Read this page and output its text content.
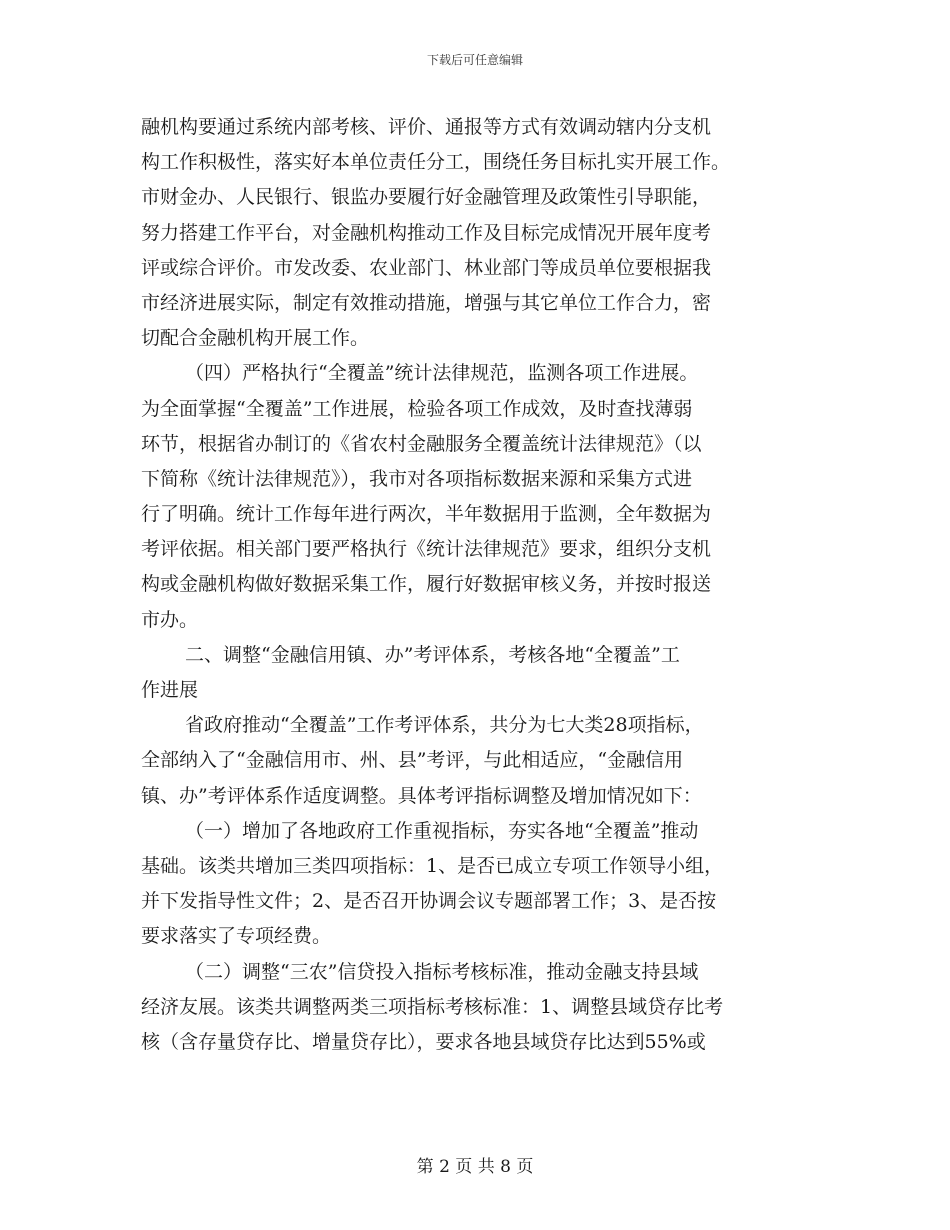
下载后可任意编辑
融机构要通过系统内部考核、评价、通报等方式有效调动辖内分支机
构工作积极性，落实好本单位责任分工，围绕任务目标扎实开展工作。
市财金办、人民银行、银监办要履行好金融管理及政策性引导职能，
努力搭建工作平台，对金融机构推动工作及目标完成情况开展年度考
评或综合评价。市发改委、农业部门、林业部门等成员单位要根据我
市经济进展实际，制定有效推动措施，增强与其它单位工作合力，密
切配合金融机构开展工作。
（四）严格执行“全覆盖”统计法律规范，监测各项工作进展。
为全面掌握“全覆盖”工作进展，检验各项工作成效，及时查找薄弱
环节，根据省办制订的《省农村金融服务全覆盖统计法律规范》（以
下简称《统计法律规范》），我市对各项指标数据来源和采集方式进
行了明确。统计工作每年进行两次，半年数据用于监测，全年数据为
考评依据。相关部门要严格执行《统计法律规范》要求，组织分支机
构或金融机构做好数据采集工作，履行好数据审核义务，并按时报送
市办。
二、调整“金融信用镇、办”考评体系，考核各地“全覆盖”工
作进展
省政府推动“全覆盖”工作考评体系，共分为七大类28项指标，
全部纳入了“金融信用市、州、县”考评，与此相适应，“金融信用
镇、办”考评体系作适度调整。具体考评指标调整及增加情况如下：
（一）增加了各地政府工作重视指标，夯实各地“全覆盖”推动
基础。该类共增加三类四项指标：1、是否已成立专项工作领导小组，
并下发指导性文件；2、是否召开协调会议专题部署工作；3、是否按
要求落实了专项经费。
（二）调整“三农”信贷投入指标考核标准，推动金融支持县域
经济友展。该类共调整两类三项指标考核标准：1、调整县域贷存比考
核（含存量贷存比、增量贷存比），要求各地县域贷存比达到55%或
第 2 页 共 8 页
